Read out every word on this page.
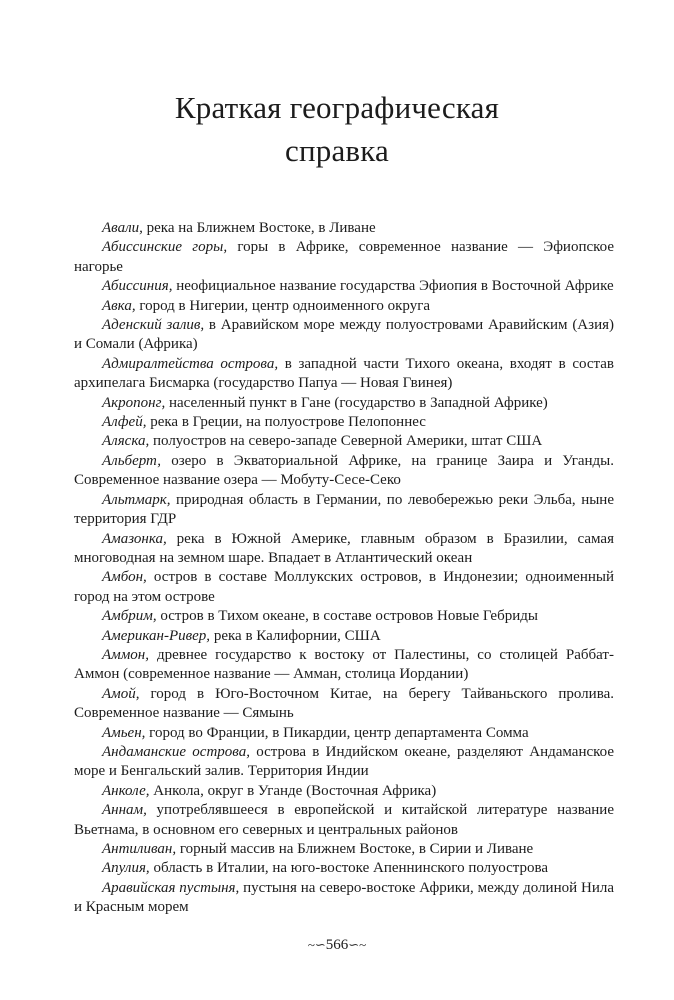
Краткая географическая
справка

Авали, река на Ближнем Востоке, в Ливане

Абиссинские горы, горы в Африке, современное название — Эфиопское нагорье

Абиссиния, неофициальное название государства Эфиопия в Восточной Африке

Авка, город в Нигерии, центр одноименного округа

Аденский залив, в Аравийском море между полуостровами Аравийским (Азия) и Сомали (Африка)

Адмиралтейства острова, в западной части Тихого океана, входят в состав архипелага Бисмарка (государство Папуа — Новая Гвинея)

Акропонг, населенный пункт в Гане (государство в Западной Африке)

Алфей, река в Греции, на полуострове Пелопоннес

Аляска, полуостров на северо-западе Северной Америки, штат США

Альберт, озеро в Экваториальной Африке, на границе Заира и Уганды. Современное название озера — Мобуту-Сесе-Секо

Альтмарк, природная область в Германии, по левобережью реки Эльба, ныне территория ГДР

Амазонка, река в Южной Америке, главным образом в Бразилии, самая многоводная на земном шаре. Впадает в Атлантический океан

Амбон, остров в составе Моллукских островов, в Индонезии; одноименный город на этом острове

Амбрим, остров в Тихом океане, в составе островов Новые Гебриды

Американ-Ривер, река в Калифорнии, США

Аммон, древнее государство к востоку от Палестины, со столицей Раббат-Аммон (современное название — Амман, столица Иордании)

Амой, город в Юго-Восточном Китае, на берегу Тайваньского пролива. Современное название — Сямынь

Амьен, город во Франции, в Пикардии, центр департамента Сомма

Андаманские острова, острова в Индийском океане, разделяют Андаманское море и Бенгальский залив. Территория Индии

Анколе, Анкола, округ в Уганде (Восточная Африка)

Аннам, употреблявшееся в европейской и китайской литературе название Вьетнама, в основном его северных и центральных районов

Антиливан, горный массив на Ближнем Востоке, в Сирии и Ливане

Апулия, область в Италии, на юго-востоке Апеннинского полуострова

Аравийская пустыня, пустыня на северо-востоке Африки, между долиной Нила и Красным морем

~∽566∽~
